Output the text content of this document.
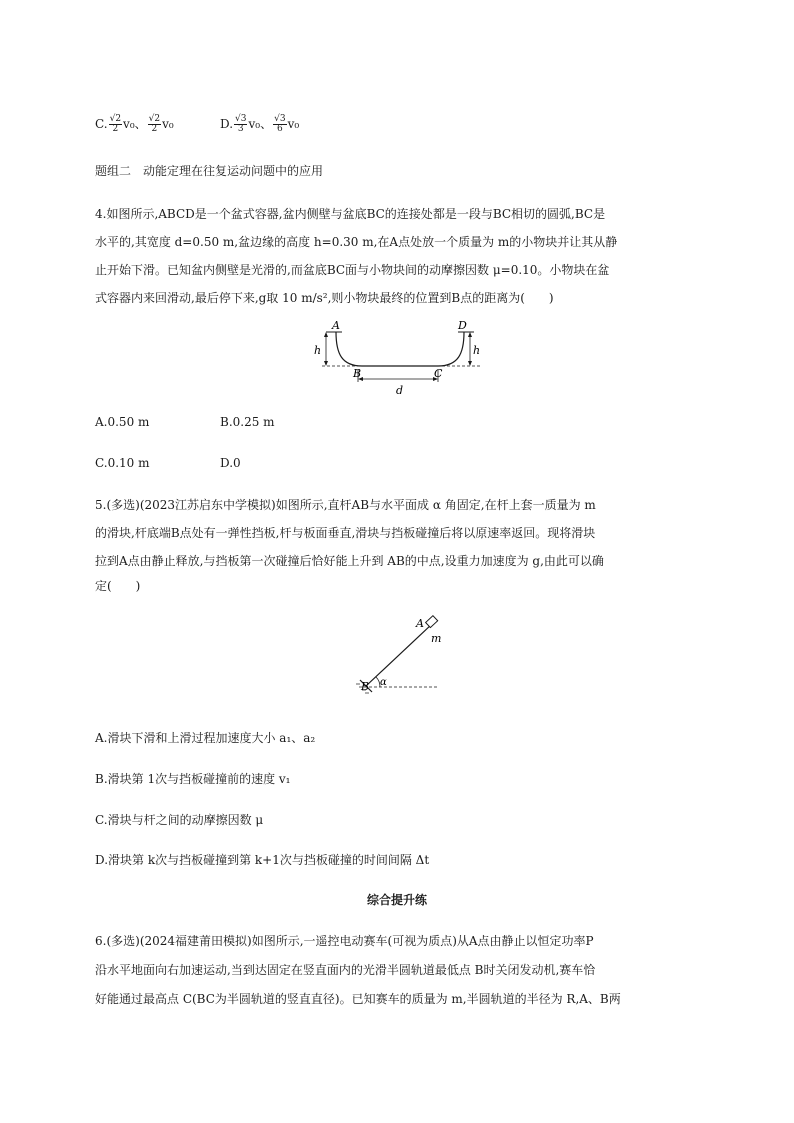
C. $\frac{√2}{2} v_0$、 $\frac{√2}{2} v_0$	D. $\frac{√3}{3} v_0$、 $\frac{√3}{6} v_0$
题组二　动能定理在往复运动问题中的应用
4.如图所示,ABCD是一个盆式容器,盆内侧壁与盆底BC的连接处都是一段与BC相切的圆弧,BC是
水平的,其宽度 d=0.50 m,盆边缘的高度 h=0.30 m,在A点处放一个质量为 m的小物块并让其从静
止开始下滑。已知盆内侧壁是光滑的,而盆底BC面与小物块间的动摩擦因数 μ=0.10。小物块在盆
式容器内来回滑动,最后停下来,g取 10 m/s²,则小物块最终的位置到B点的距离为(　　)
A	D
h	h
B	C
d
A.0.50 m	B.0.25 m
C.0.10 m	D.0
5.(多选)(2023江苏启东中学模拟)如图所示,直杆AB与水平面成 α 角固定,在杆上套一质量为 m
的滑块,杆底端B点处有一弹性挡板,杆与板面垂直,滑块与挡板碰撞后将以原速率返回。现将滑块
拉到A点由静止释放,与挡板第一次碰撞后恰好能上升到 AB的中点,设重力加速度为 g,由此可以确
定(　　)
A
m
B α
A.滑块下滑和上滑过程加速度大小 a₁、a₂
B.滑块第 1次与挡板碰撞前的速度 v₁
C.滑块与杆之间的动摩擦因数 μ
D.滑块第 k次与挡板碰撞到第 k+1次与挡板碰撞的时间间隔 Δt
综合提升练
6.(多选)(2024福建莆田模拟)如图所示,一遥控电动赛车(可视为质点)从A点由静止以恒定功率P
沿水平地面向右加速运动,当到达固定在竖直面内的光滑半圆轨道最低点 B时关闭发动机,赛车恰
好能通过最高点 C(BC为半圆轨道的竖直直径)。已知赛车的质量为 m,半圆轨道的半径为 R,A、B两
